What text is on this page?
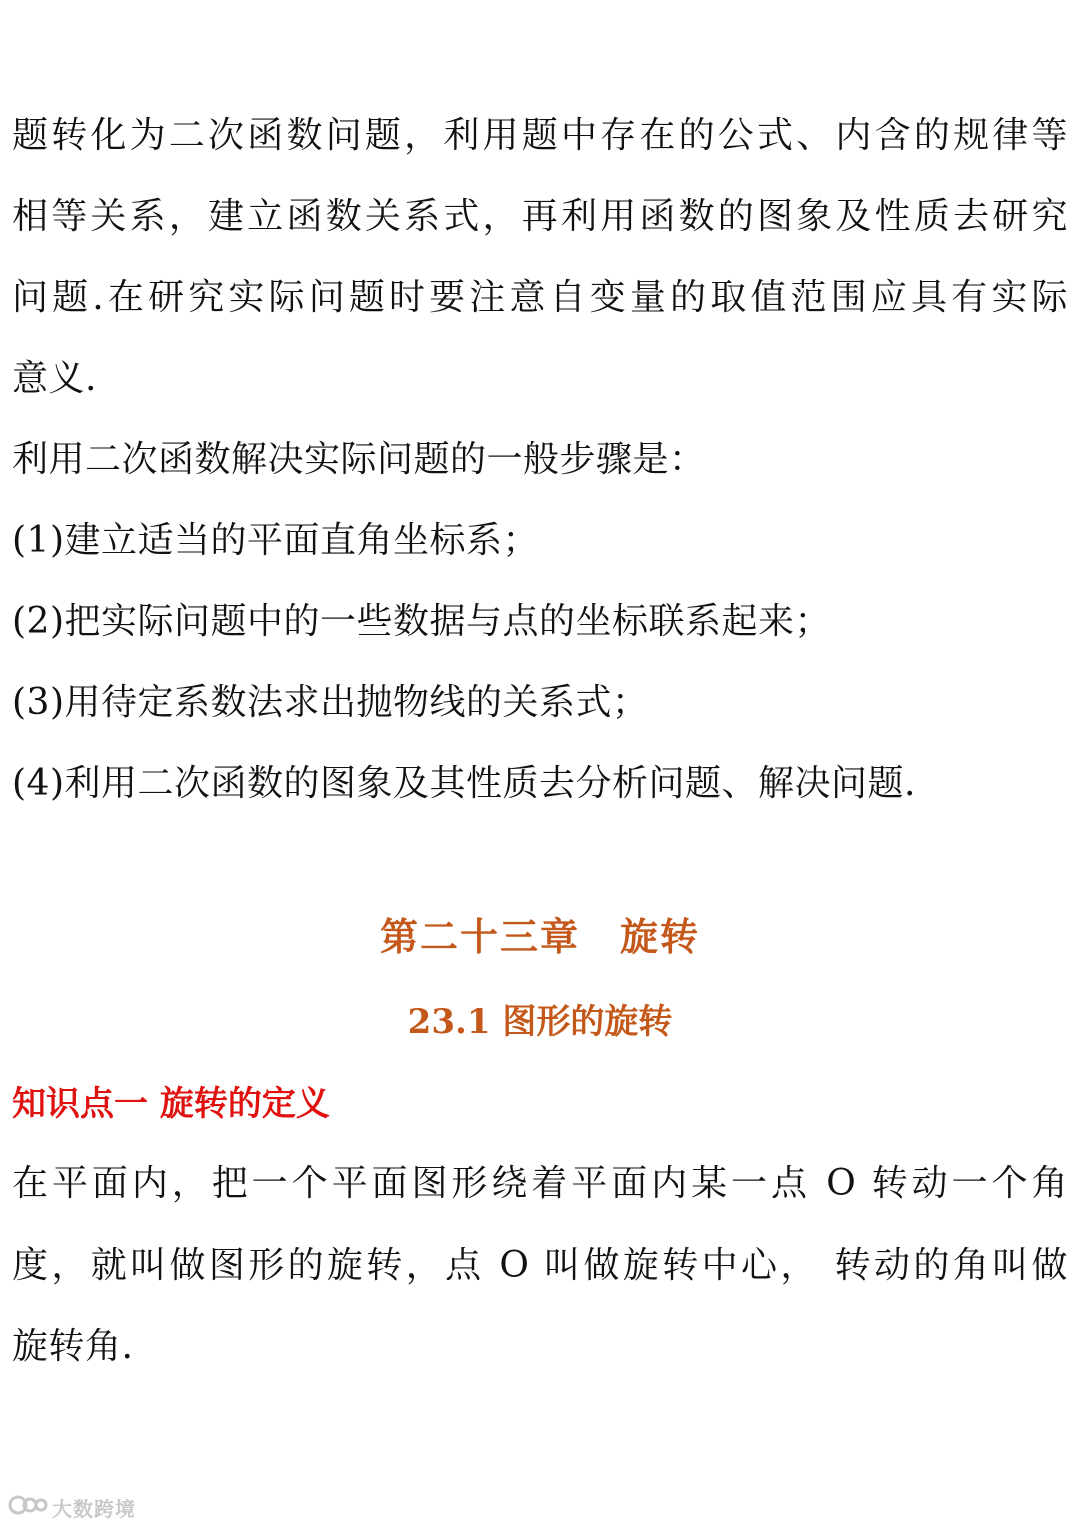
题转化为二次函数问题，利用题中存在的公式、内含的规律等
相等关系，建立函数关系式，再利用函数的图象及性质去研究
问题.在研究实际问题时要注意自变量的取值范围应具有实际
意义.
利用二次函数解决实际问题的一般步骤是：
(1)建立适当的平面直角坐标系；
(2)把实际问题中的一些数据与点的坐标联系起来；
(3)用待定系数法求出抛物线的关系式；
(4)利用二次函数的图象及其性质去分析问题、解决问题.
第二十三章　旋转
23.1 图形的旋转
知识点一 旋转的定义
在平面内，把一个平面图形绕着平面内某一点 O 转动一个角
度，就叫做图形的旋转，点 O 叫做旋转中心， 转动的角叫做
旋转角.
大数跨境
